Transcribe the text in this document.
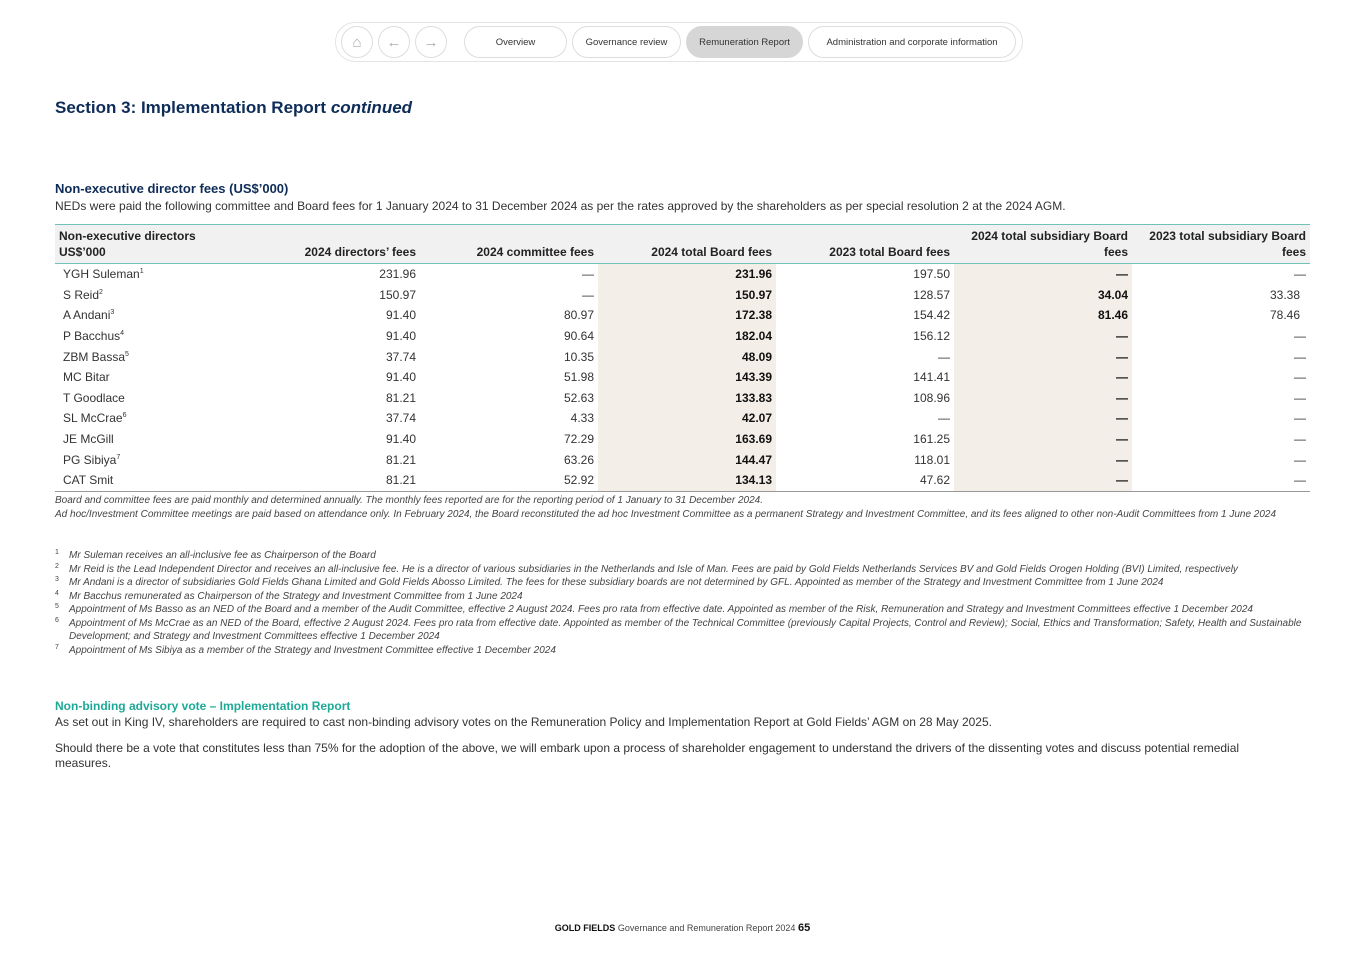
⌂	←	→	Overview	Governance review	Remuneration Report	Administration and corporate information
Section 3: Implementation Report continued
Non-executive director fees (US$’000)
NEDs were paid the following committee and Board fees for 1 January 2024 to 31 December 2024 as per the rates approved by the shareholders as per special resolution 2 at the 2024 AGM.
Non-executive directors
US$’000	2024 directors’ fees	2024 committee fees	2024 total Board fees	2023 total Board fees	2024 total subsidiary Board fees	2023 total subsidiary Board fees
YGH Suleman$^1$	231.96	—	231.96	197.50	—	—
S Reid$^2$	150.97	—	150.97	128.57	34.04	33.38
A Andani$^3$	91.40	80.97	172.38	154.42	81.46	78.46
P Bacchus$^4$	91.40	90.64	182.04	156.12	—	—
ZBM Bassa$^5$	37.74	10.35	48.09	—	—	—
MC Bitar	91.40	51.98	143.39	141.41	—	—
T Goodlace	81.21	52.63	133.83	108.96	—	—
SL McCrae$^6$	37.74	4.33	42.07	—	—	—
JE McGill	91.40	72.29	163.69	161.25	—	—
PG Sibiya$^7$	81.21	63.26	144.47	118.01	—	—
CAT Smit	81.21	52.92	134.13	47.62	—	—
Board and committee fees are paid monthly and determined annually. The monthly fees reported are for the reporting period of 1 January to 31 December 2024.
Ad hoc/Investment Committee meetings are paid based on attendance only. In February 2024, the Board reconstituted the ad hoc Investment Committee as a permanent Strategy and Investment Committee, and its fees aligned to other non-Audit Committees from 1 June 2024
1 Mr Suleman receives an all-inclusive fee as Chairperson of the Board
2 Mr Reid is the Lead Independent Director and receives an all-inclusive fee. He is a director of various subsidiaries in the Netherlands and Isle of Man. Fees are paid by Gold Fields Netherlands Services BV and Gold Fields Orogen Holding (BVI) Limited, respectively
3 Mr Andani is a director of subsidiaries Gold Fields Ghana Limited and Gold Fields Abosso Limited. The fees for these subsidiary boards are not determined by GFL. Appointed as member of the Strategy and Investment Committee from 1 June 2024
4 Mr Bacchus remunerated as Chairperson of the Strategy and Investment Committee from 1 June 2024
5 Appointment of Ms Basso as an NED of the Board and a member of the Audit Committee, effective 2 August 2024. Fees pro rata from effective date. Appointed as member of the Risk, Remuneration and Strategy and Investment Committees effective 1 December 2024
6 Appointment of Ms McCrae as an NED of the Board, effective 2 August 2024. Fees pro rata from effective date. Appointed as member of the Technical Committee (previously Capital Projects, Control and Review); Social, Ethics and Transformation; Safety, Health and Sustainable Development; and Strategy and Investment Committees effective 1 December 2024
7 Appointment of Ms Sibiya as a member of the Strategy and Investment Committee effective 1 December 2024
Non-binding advisory vote – Implementation Report
As set out in King IV, shareholders are required to cast non-binding advisory votes on the Remuneration Policy and Implementation Report at Gold Fields’ AGM on 28 May 2025.
Should there be a vote that constitutes less than 75% for the adoption of the above, we will embark upon a process of shareholder engagement to understand the drivers of the dissenting votes and discuss potential remedial measures.
GOLD FIELDS Governance and Remuneration Report 2024 65
